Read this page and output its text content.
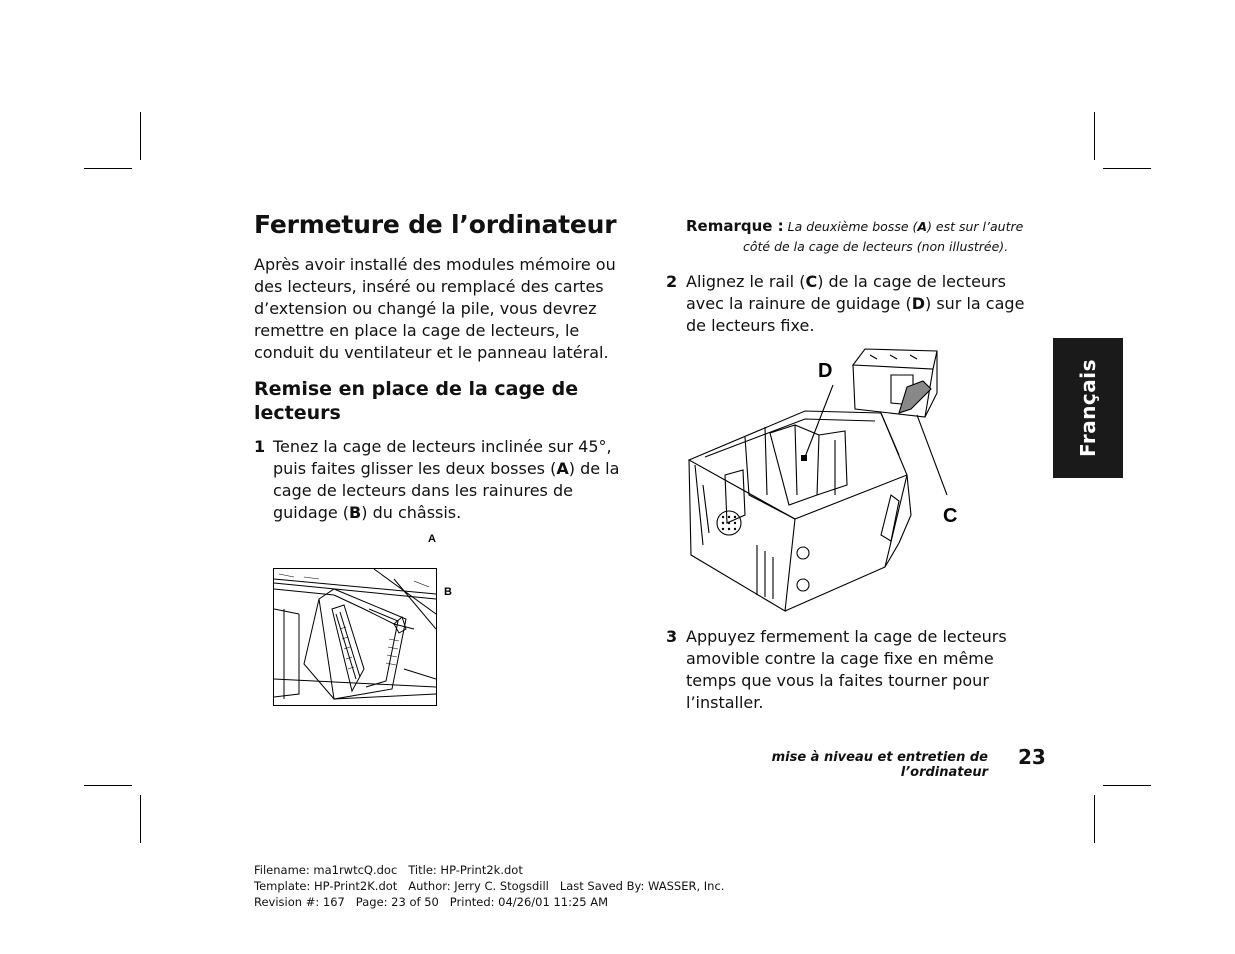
Fermeture de l’ordinateur

Après avoir installé des modules mémoire ou des lecteurs, inséré ou remplacé des cartes d’extension ou changé la pile, vous devrez remettre en place la cage de lecteurs, le conduit du ventilateur et le panneau latéral.

Remise en place de la cage de lecteurs
1 Tenez la cage de lecteurs inclinée sur 45°, puis faites glisser les deux bosses (A) de la cage de lecteurs dans les rainures de guidage (B) du châssis.
A
B
Remarque : La deuxième bosse (A) est sur l’autre
côté de la cage de lecteurs (non illustrée).
2 Alignez le rail (C) de la cage de lecteurs avec la rainure de guidage (D) sur la cage de lecteurs fixe.
3 Appuyez fermement la cage de lecteurs amovible contre la cage fixe en même temps que vous la faites tourner pour l’installer.
D
C
Français
mise à niveau et entretien de l’ordinateur
23
Filename: ma1rwtcQ.doc   Title: HP-Print2k.dot
Template: HP-Print2K.dot   Author: Jerry C. Stogsdill   Last Saved By: WASSER, Inc.
Revision #: 167   Page: 23 of 50   Printed: 04/26/01 11:25 AM
